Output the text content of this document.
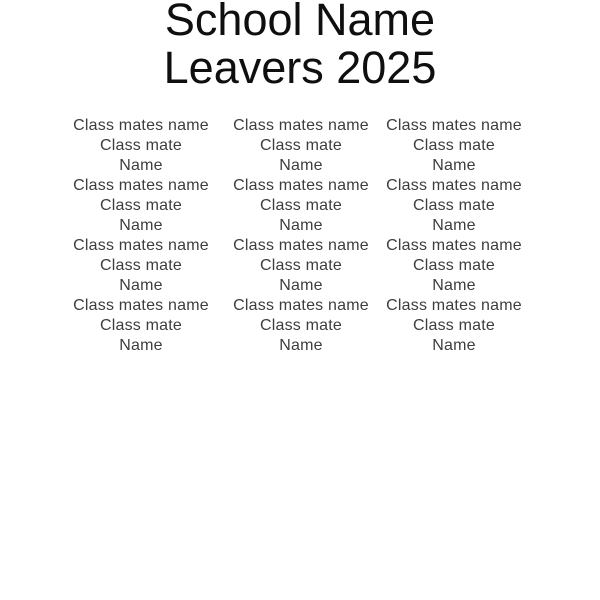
School Name
Leavers 2025
Class mates name
Class mate
Name
Class mates name
Class mate
Name
Class mates name
Class mate
Name
Class mates name
Class mate
Name
Class mates name
Class mate
Name
Class mates name
Class mate
Name
Class mates name
Class mate
Name
Class mates name
Class mate
Name
Class mates name
Class mate
Name
Class mates name
Class mate
Name
Class mates name
Class mate
Name
Class mates name
Class mate
Name
